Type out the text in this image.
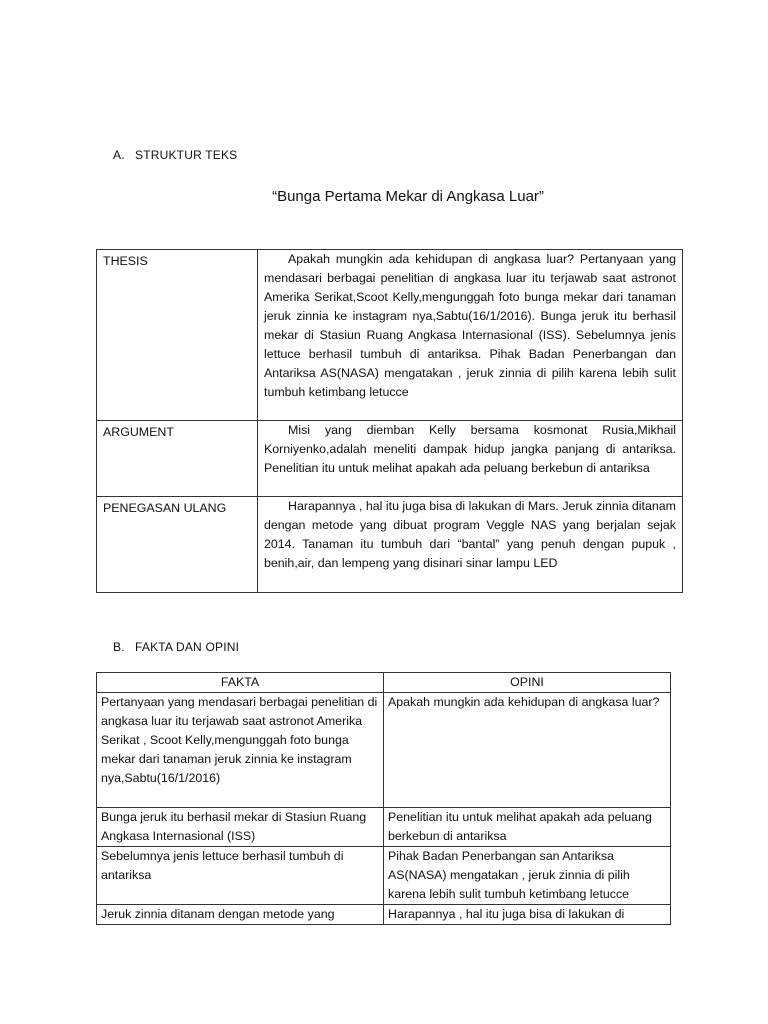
A. STRUKTUR TEKS
“Bunga Pertama Mekar di Angkasa Luar”
THESIS	Apakah mungkin ada kehidupan di angkasa luar? Pertanyaan yang mendasari berbagai penelitian di angkasa luar itu terjawab saat astronot Amerika Serikat,Scoot Kelly,mengunggah foto bunga mekar dari tanaman jeruk zinnia ke instagram nya,Sabtu(16/1/2016). Bunga jeruk itu berhasil mekar di Stasiun Ruang Angkasa Internasional (ISS). Sebelumnya jenis lettuce berhasil tumbuh di antariksa. Pihak Badan Penerbangan dan Antariksa AS(NASA) mengatakan , jeruk zinnia di pilih karena lebih sulit tumbuh ketimbang letucce
ARGUMENT	Misi yang diemban Kelly bersama kosmonat Rusia,Mikhail Korniyenko,adalah meneliti dampak hidup jangka panjang di antariksa. Penelitian itu untuk melihat apakah ada peluang berkebun di antariksa
PENEGASAN ULANG	Harapannya , hal itu juga bisa di lakukan di Mars. Jeruk zinnia ditanam dengan metode yang dibuat program Veggle NAS yang berjalan sejak 2014. Tanaman itu tumbuh dari “bantal” yang penuh dengan pupuk , benih,air, dan lempeng yang disinari sinar lampu LED
B. FAKTA DAN OPINI
FAKTA	OPINI
Pertanyaan yang mendasari berbagai penelitian di angkasa luar itu terjawab saat astronot Amerika Serikat , Scoot Kelly,mengunggah foto bunga mekar dari tanaman jeruk zinnia ke instagram nya,Sabtu(16/1/2016)	Apakah mungkin ada kehidupan di angkasa luar?
Bunga jeruk itu berhasil mekar di Stasiun Ruang Angkasa Internasional (ISS)	Penelitian itu untuk melihat apakah ada peluang berkebun di antariksa
Sebelumnya jenis lettuce berhasil tumbuh di antariksa	Pihak Badan Penerbangan san Antariksa AS(NASA) mengatakan , jeruk zinnia di pilih karena lebih sulit tumbuh ketimbang letucce
Jeruk zinnia ditanam dengan metode yang	Harapannya , hal itu juga bisa di lakukan di
